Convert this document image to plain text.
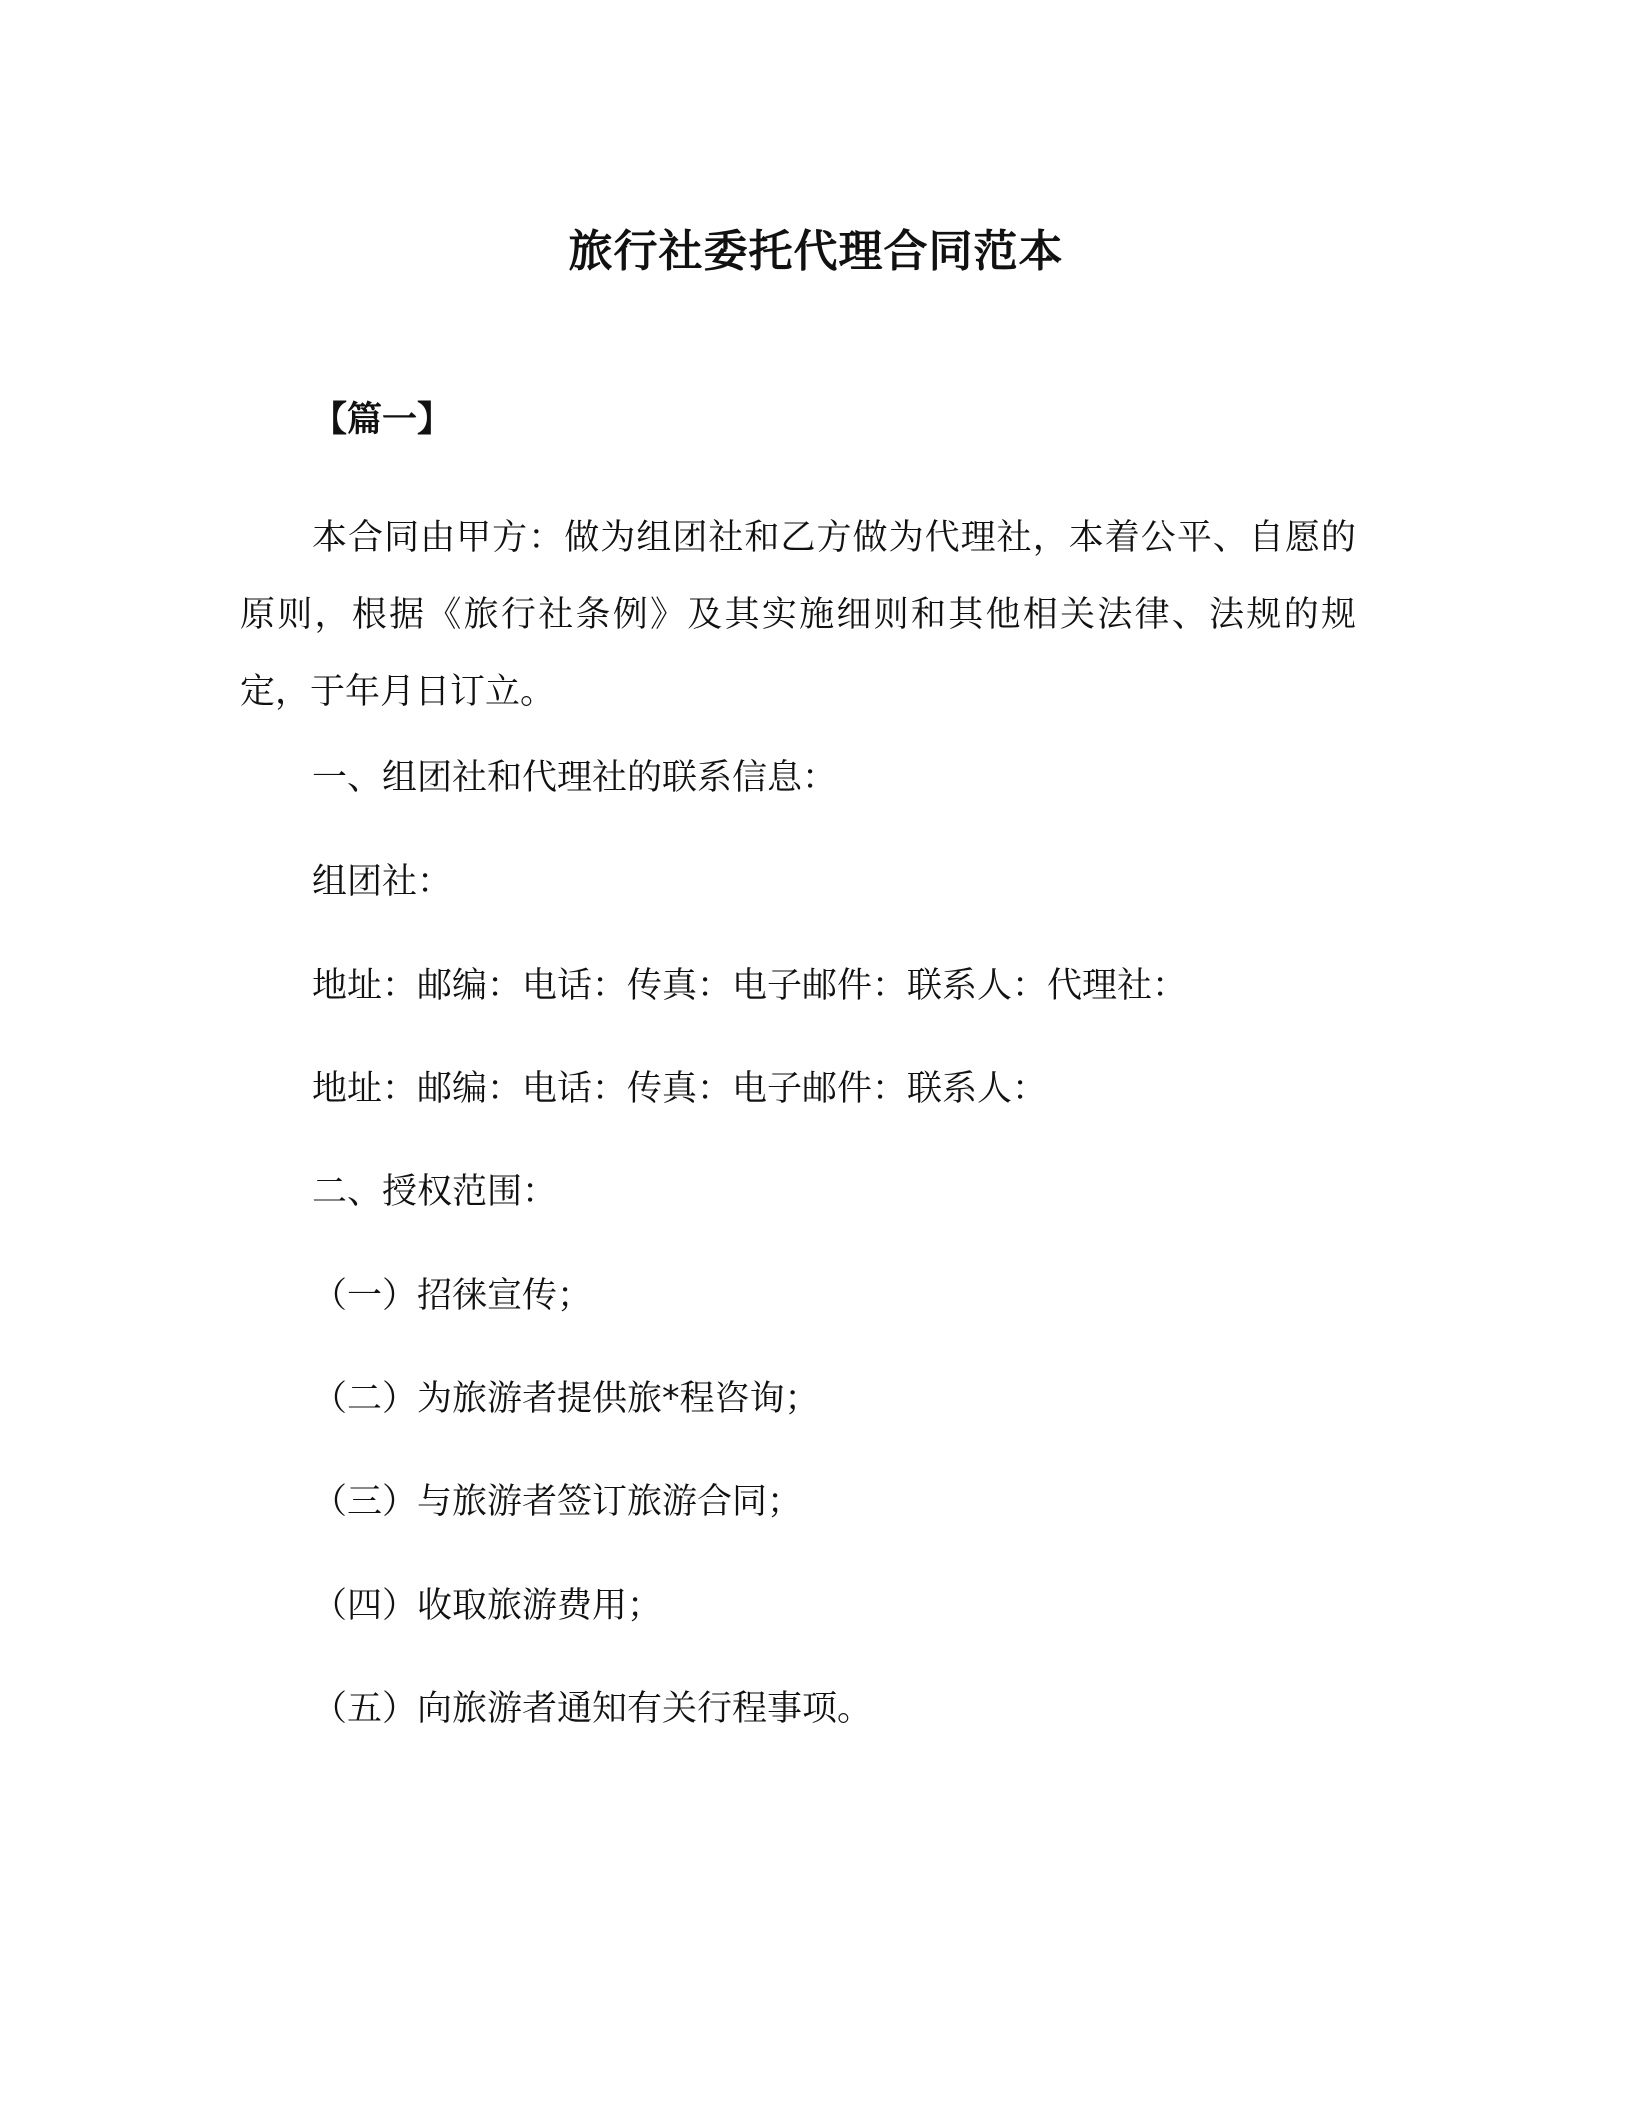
旅行社委托代理合同范本

【篇一】

本合同由甲方：做为组团社和乙方做为代理社，本着公平、自愿的原则，根据《旅行社条例》及其实施细则和其他相关法律、法规的规定，于年月日订立。

一、组团社和代理社的联系信息：

组团社：

地址：邮编：电话：传真：电子邮件：联系人：代理社：

地址：邮编：电话：传真：电子邮件：联系人：

二、授权范围：

（一）招徕宣传；

（二）为旅游者提供旅*程咨询；

（三）与旅游者签订旅游合同；

（四）收取旅游费用；

（五）向旅游者通知有关行程事项。
